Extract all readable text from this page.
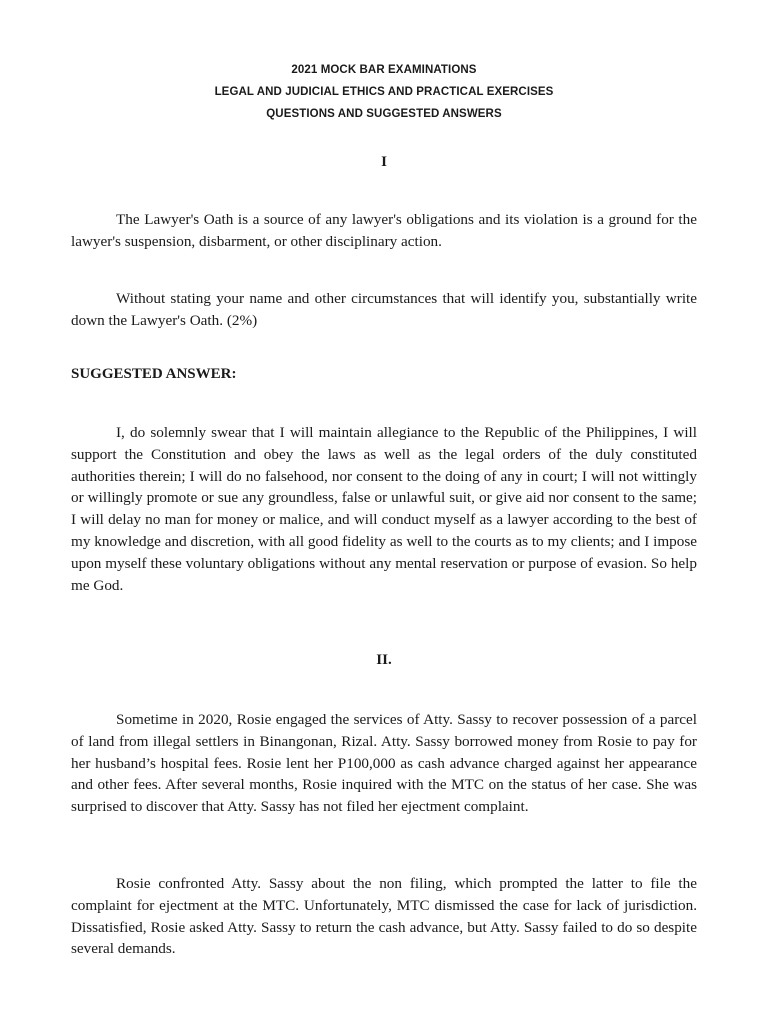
2021 MOCK BAR EXAMINATIONS
LEGAL AND JUDICIAL ETHICS AND PRACTICAL EXERCISES
QUESTIONS AND SUGGESTED ANSWERS
I

The Lawyer's Oath is a source of any lawyer's obligations and its violation is a ground for the lawyer's suspension, disbarment, or other disciplinary action.

Without stating your name and other circumstances that will identify you, substantially write down the Lawyer's Oath. (2%)

SUGGESTED ANSWER:

I, do solemnly swear that I will maintain allegiance to the Republic of the Philippines, I will support the Constitution and obey the laws as well as the legal orders of the duly constituted authorities therein; I will do no falsehood, nor consent to the doing of any in court; I will not wittingly or willingly promote or sue any groundless, false or unlawful suit, or give aid nor consent to the same; I will delay no man for money or malice, and will conduct myself as a lawyer according to the best of my knowledge and discretion, with all good fidelity as well to the courts as to my clients; and I impose upon myself these voluntary obligations without any mental reservation or purpose of evasion. So help me God.

II.

Sometime in 2020, Rosie engaged the services of Atty. Sassy to recover possession of a parcel of land from illegal settlers in Binangonan, Rizal. Atty. Sassy borrowed money from Rosie to pay for her husband’s hospital fees. Rosie lent her P100,000 as cash advance charged against her appearance and other fees. After several months, Rosie inquired with the MTC on the status of her case. She was surprised to discover that Atty. Sassy has not filed her ejectment complaint.

Rosie confronted Atty. Sassy about the non filing, which prompted the latter to file the complaint for ejectment at the MTC. Unfortunately, MTC dismissed the case for lack of jurisdiction. Dissatisfied, Rosie asked Atty. Sassy to return the cash advance, but Atty. Sassy failed to do so despite several demands.
